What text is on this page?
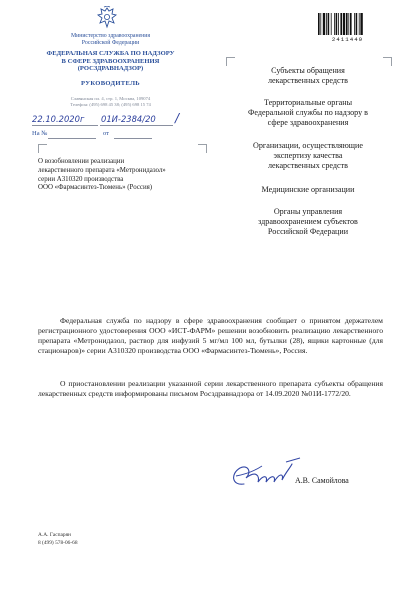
Министерство здравоохранения
Российской Федерации
ФЕДЕРАЛЬНАЯ СЛУЖБА ПО НАДЗОРУ
В СФЕРЕ ЗДРАВООХРАНЕНИЯ
(РОСЗДРАВНАДЗОР)
РУКОВОДИТЕЛЬ
Славянская пл. 4, стр. 1, Москва, 109074
Телефон: (495) 698 45 38; (495) 698 15 74
22.10.2020г 01И-2384/20 /
На №	от
2411449
Субъекты обращения
лекарственных средств
Территориальные органы
Федеральной службы по надзору в
сфере здравоохранения
Организации, осуществляющие
экспертизу качества
лекарственных средств
Медицинские организации
Органы управления
здравоохранением субъектов
Российской Федерации
О возобновлении реализации
лекарственного препарата «Метронидазол»
серии А310320 производства
ООО «Фармасинтез-Тюмень» (Россия)
Федеральная служба по надзору в сфере здравоохранения сообщает о принятом держателем регистрационного удостоверения ООО «ИСТ-ФАРМ» решении возобновить реализацию лекарственного препарата «Метронидазол, раствор для инфузий 5 мг/мл 100 мл, бутылки (28), ящики картонные (для стационаров)» серии А310320 производства ООО «Фармасинтез-Тюмень», Россия.
О приостановлении реализации указанной серии лекарственного препарата субъекты обращения лекарственных средств информированы письмом Росздравнадзора от 14.09.2020 №01И-1772/20.
А.В. Самойлова
А.А. Гаспарян
8 (499) 578-06-68
